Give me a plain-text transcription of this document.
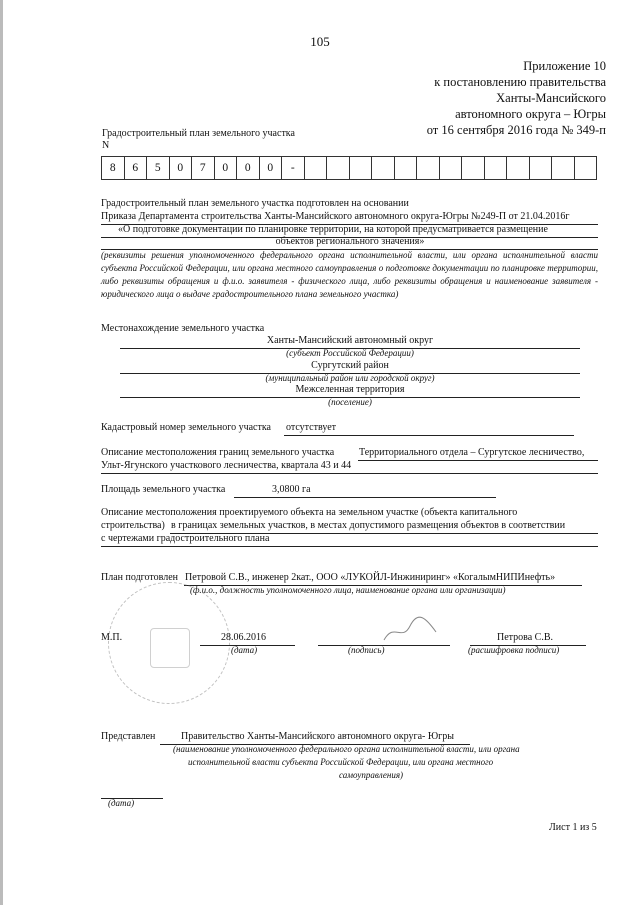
105
Приложение 10
к постановлению правительства
Ханты-Мансийского
автономного округа – Югры
от 16 сентября 2016 года № 349-п
Градостроительный план земельного участка
N
8	6	5	0	7	0	0	0	-													
Градостроительный план земельного участка подготовлен на основании
Приказа Департамента строительства Ханты-Мансийского автономного округа-Югры №249-П от 21.04.2016г
«О подготовке документации по планировке территории, на которой предусматривается размещение
объектов регионального значения»
(реквизиты решения уполномоченного федерального органа исполнительной власти, или органа исполнительной власти субъекта Российской Федерации, или органа местного самоуправления о подготовке документации по планировке территории, либо реквизиты обращения и ф.и.о. заявителя - физического лица, либо реквизиты обращения и наименование заявителя - юридического лица о выдаче градостроительного плана земельного участка)
Местонахождение земельного участка
Ханты-Мансийский автономный округ
(субъект Российской Федерации)
Сургутский район
(муниципальный район или городской округ)
Межселенная территория
(поселение)
Кадастровый номер земельного участка отсутствует
Описание местоположения границ земельного участка Территориального отдела – Сургутское лесничество,
Ульт-Ягунского участкового лесничества, квартала 43 и 44
Площадь земельного участка	3,0800 га
Описание местоположения проектируемого объекта на земельном участке (объекта капитального
строительства) в границах земельных участков, в местах допустимого размещения объектов в соответствии
с чертежами градостроительного плана
План подготовлен Петровой С.В., инженер 2кат., ООО «ЛУКОЙЛ-Инжиниринг» «КогалымНИПИнефть»
(ф.и.о., должность уполномоченного лица, наименование органа или организации)
М.П.	28.06.2016
(дата)	(подпись)
Петрова С.В.
(расшифровка подписи)
Представлен	Правительство Ханты-Мансийского автономного округа- Югры
(наименование уполномоченного федерального органа исполнительной власти, или органа
исполнительной власти субъекта Российской Федерации, или органа местного
самоуправления)
(дата)
Лист 1 из 5
